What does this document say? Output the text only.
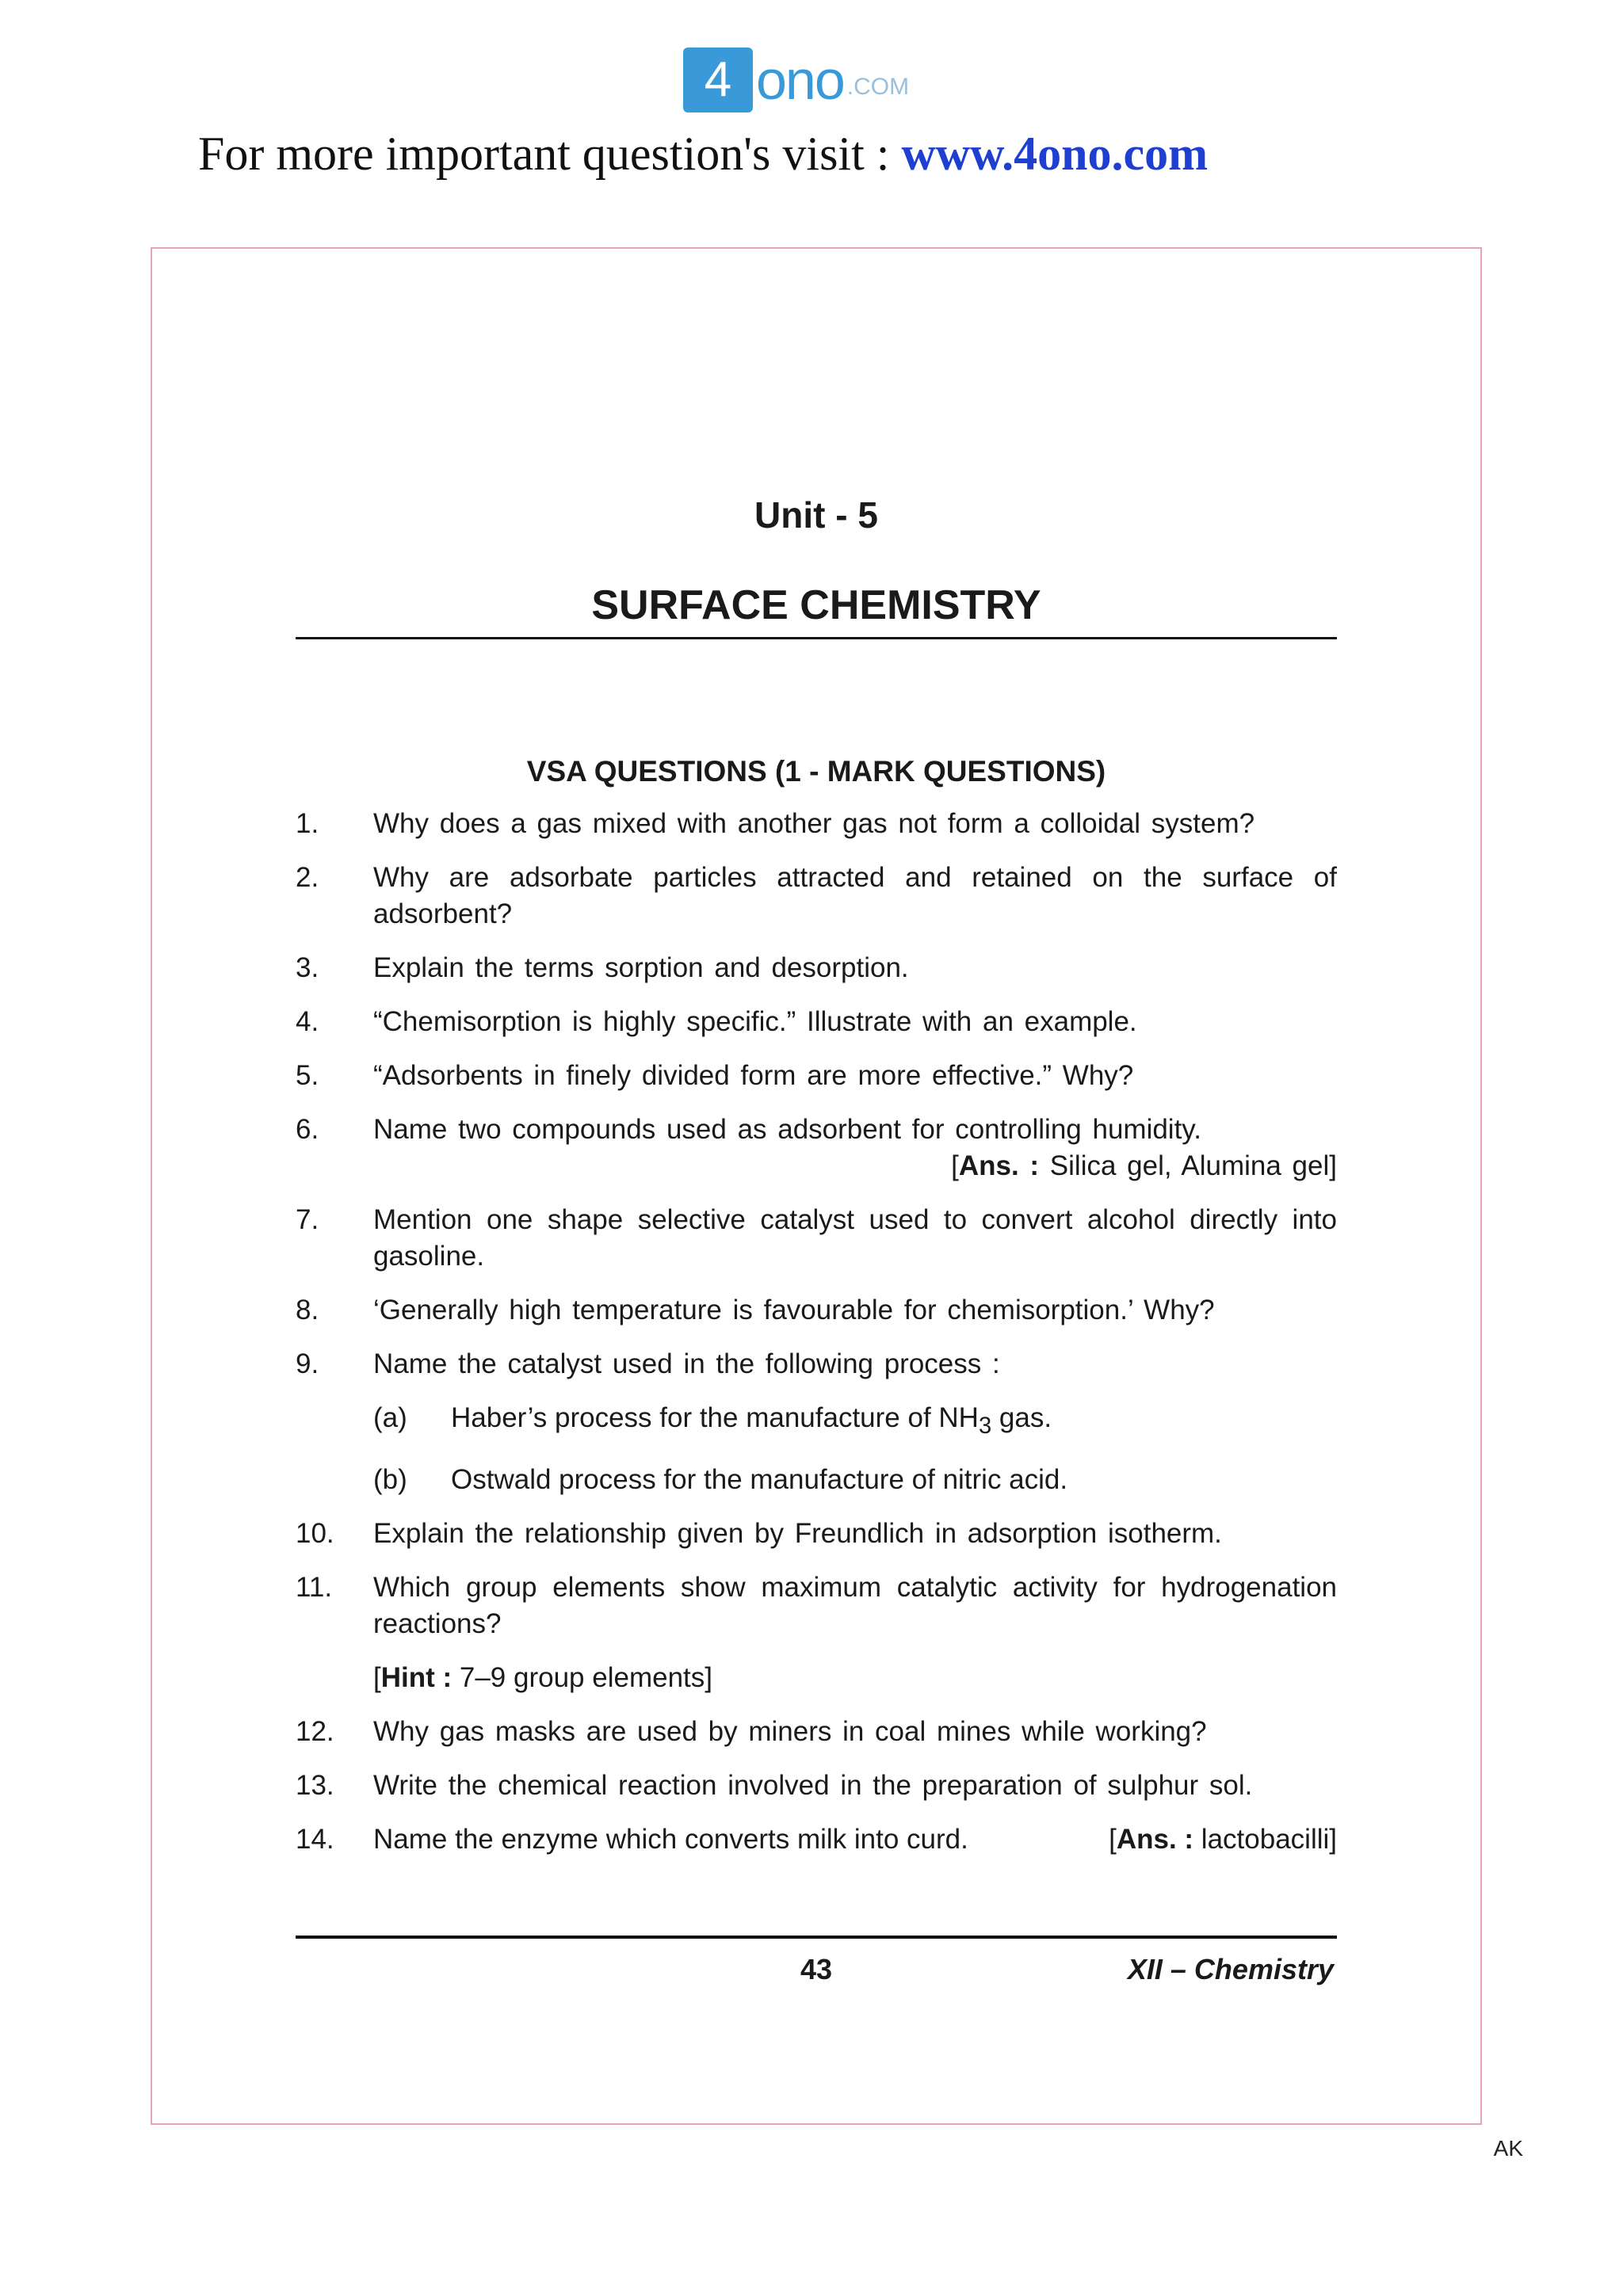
4 ono .COM
For more important question's visit : www.4ono.com
Unit - 5
SURFACE CHEMISTRY
VSA QUESTIONS (1 - MARK QUESTIONS)
1.	Why does a gas mixed with another gas not form a colloidal system?
2.	Why are adsorbate particles attracted and retained on the surface of adsorbent?
3.	Explain the terms sorption and desorption.
4.	“Chemisorption is highly specific.” Illustrate with an example.
5.	“Adsorbents in finely divided form are more effective.” Why?
6.	Name two compounds used as adsorbent for controlling humidity.
[Ans. : Silica gel, Alumina gel]
7.	Mention one shape selective catalyst used to convert alcohol directly into gasoline.
8.	‘Generally high temperature is favourable for chemisorption.’ Why?
9.	Name the catalyst used in the following process :
(a)	Haber’s process for the manufacture of $NH_3$ gas.
(b)	Ostwald process for the manufacture of nitric acid.
10.	Explain the relationship given by Freundlich in adsorption isotherm.
11.	Which group elements show maximum catalytic activity for hydrogenation reactions?
[Hint : 7–9 group elements]
12.	Why gas masks are used by miners in coal mines while working?
13.	Write the chemical reaction involved in the preparation of sulphur sol.
14.	Name the enzyme which converts milk into curd.	[Ans. : lactobacilli]
43	XII – Chemistry
AK
